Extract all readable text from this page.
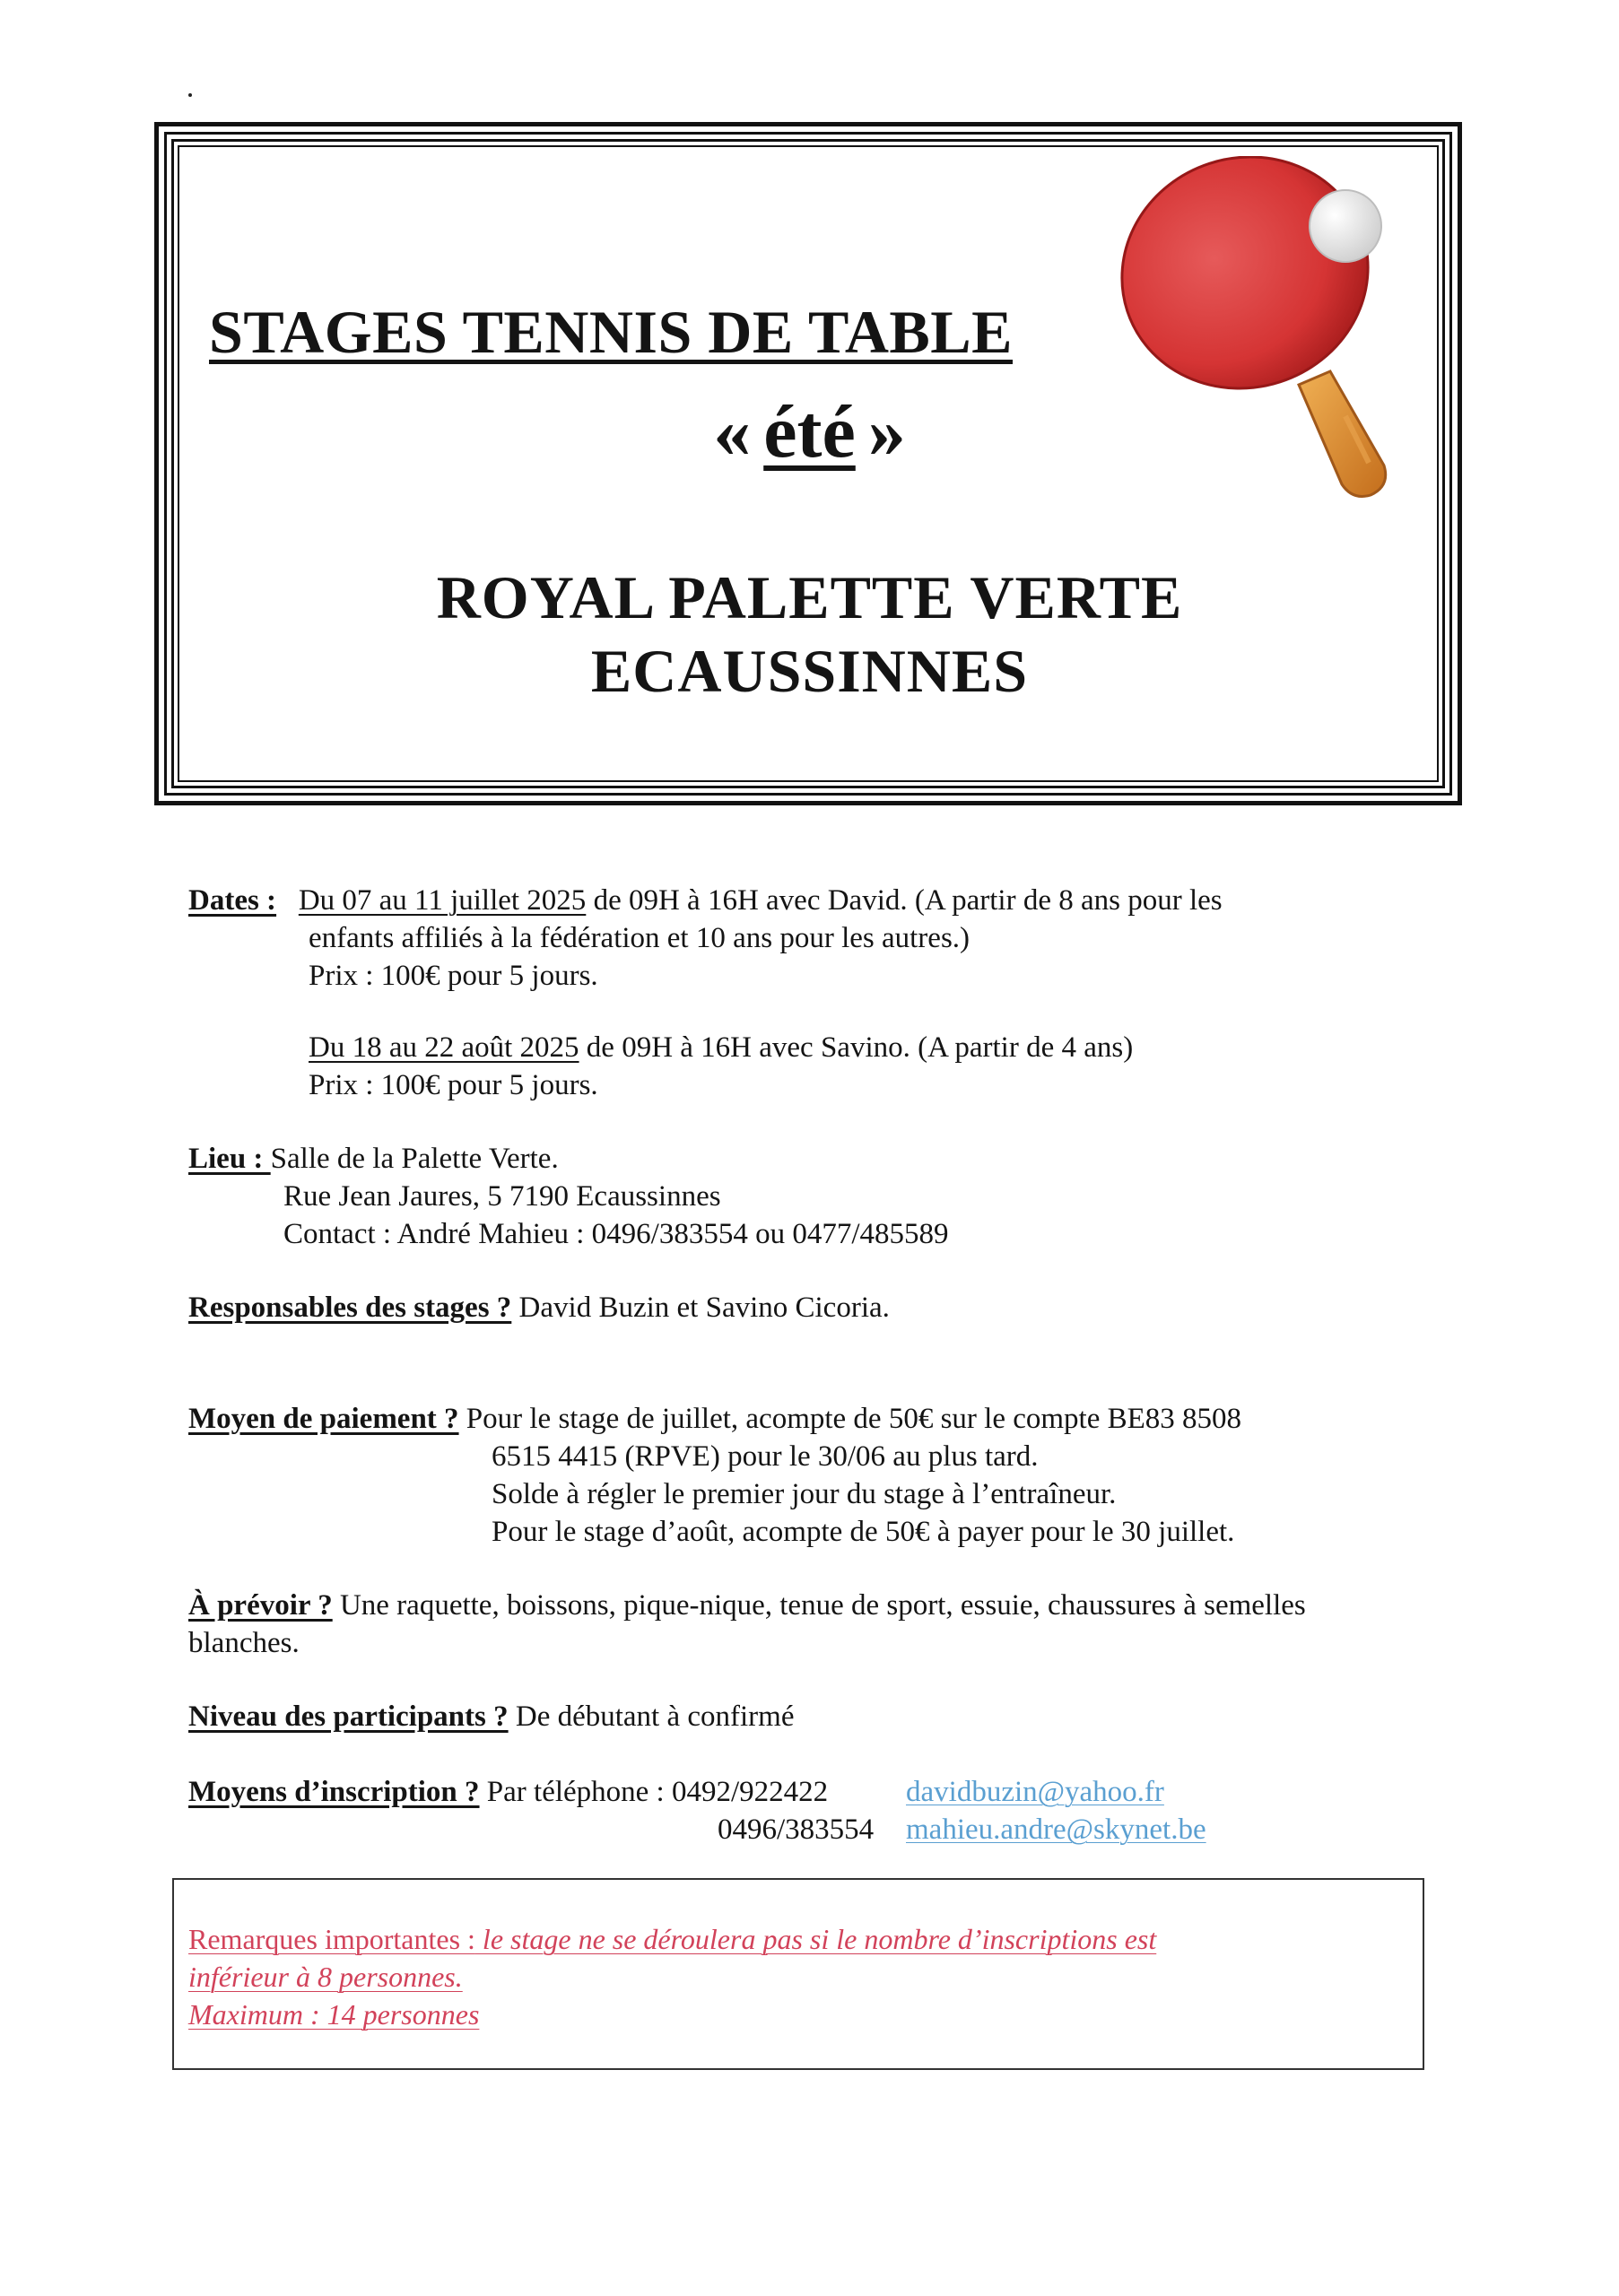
STAGES TENNIS DE TABLE
« été »
ROYAL PALETTE VERTE
ECAUSSINNES
Dates : Du 07 au 11 juillet 2025 de 09H à 16H avec David. (A partir de 8 ans pour les
enfants affiliés à la fédération et 10 ans pour les autres.)
Prix : 100€ pour 5 jours.
Du 18 au 22 août 2025 de 09H à 16H avec Savino. (A partir de 4 ans)
Prix : 100€ pour 5 jours.
Lieu : Salle de la Palette Verte.
Rue Jean Jaures, 5 7190 Ecaussinnes
Contact : André Mahieu : 0496/383554 ou 0477/485589
Responsables des stages ? David Buzin et Savino Cicoria.
Moyen de paiement ? Pour le stage de juillet, acompte de 50€ sur le compte BE83 8508
6515 4415 (RPVE) pour le 30/06 au plus tard.
Solde à régler le premier jour du stage à l’entraîneur.
Pour le stage d’août, acompte de 50€ à payer pour le 30 juillet.
À prévoir ? Une raquette, boissons, pique-nique, tenue de sport, essuie, chaussures à semelles
blanches.
Niveau des participants ? De débutant à confirmé
Moyens d’inscription ? Par téléphone : 0492/922422	davidbuzin@yahoo.fr
0496/383554 mahieu.andre@skynet.be
Remarques importantes : le stage ne se déroulera pas si le nombre d’inscriptions est
inférieur à 8 personnes.
Maximum : 14 personnes
